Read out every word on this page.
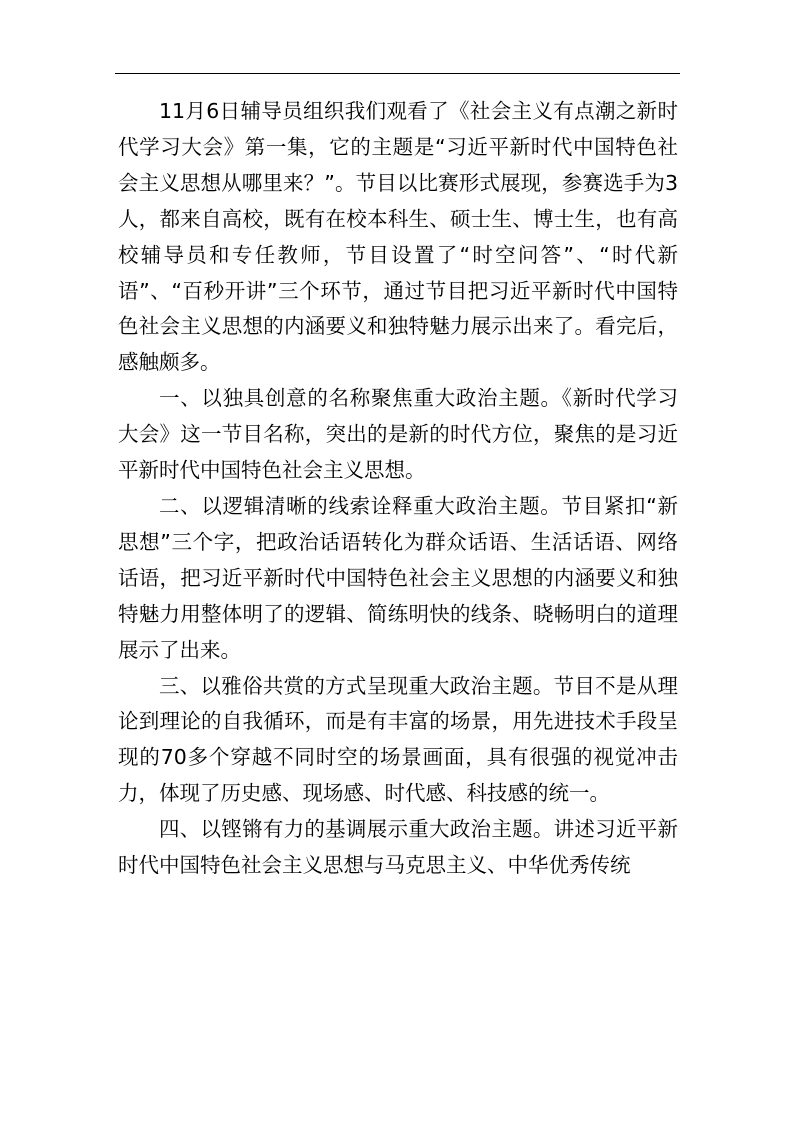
11月6日辅导员组织我们观看了《社会主义有点潮之新时代学习大会》第一集，它的主题是“习近平新时代中国特色社会主义思想从哪里来？”。节目以比赛形式展现，参赛选手为3人，都来自高校，既有在校本科生、硕士生、博士生，也有高校辅导员和专任教师，节目设置了“时空问答”、“时代新语”、“百秒开讲”三个环节，通过节目把习近平新时代中国特色社会主义思想的内涵要义和独特魅力展示出来了。看完后，感触颇多。

一、以独具创意的名称聚焦重大政治主题。《新时代学习大会》这一节目名称，突出的是新的时代方位，聚焦的是习近平新时代中国特色社会主义思想。

二、以逻辑清晰的线索诠释重大政治主题。节目紧扣“新思想”三个字，把政治话语转化为群众话语、生活话语、网络话语，把习近平新时代中国特色社会主义思想的内涵要义和独特魅力用整体明了的逻辑、简练明快的线条、晓畅明白的道理展示了出来。

三、以雅俗共赏的方式呈现重大政治主题。节目不是从理论到理论的自我循环，而是有丰富的场景，用先进技术手段呈现的70多个穿越不同时空的场景画面，具有很强的视觉冲击力，体现了历史感、现场感、时代感、科技感的统一。

四、以铿锵有力的基调展示重大政治主题。讲述习近平新时代中国特色社会主义思想与马克思主义、中华优秀传统
